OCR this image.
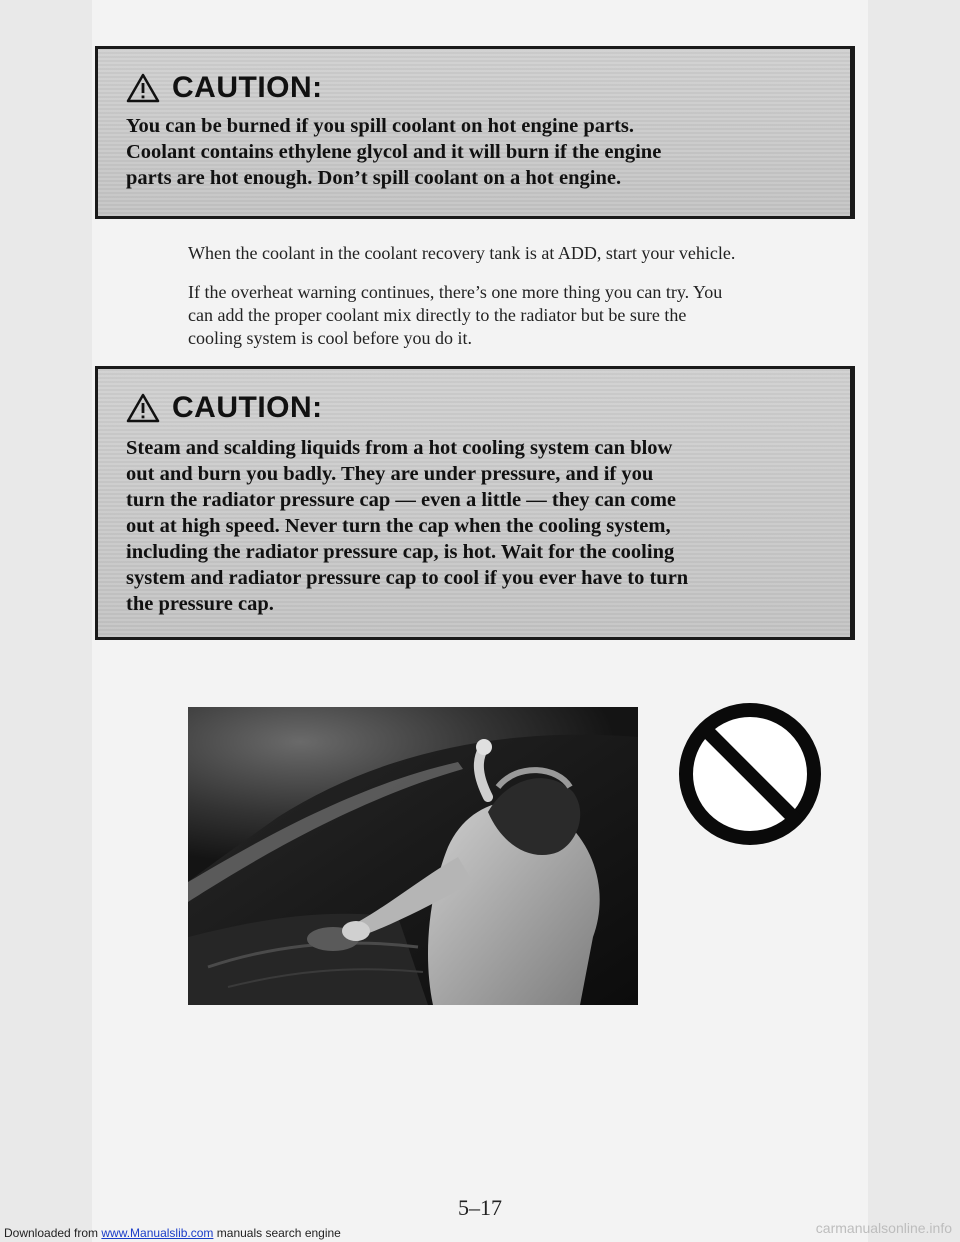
CAUTION:
You can be burned if you spill coolant on hot engine parts.
Coolant contains ethylene glycol and it will burn if the engine
parts are hot enough. Don’t spill coolant on a hot engine.

When the coolant in the coolant recovery tank is at ADD, start your vehicle.

If the overheat warning continues, there’s one more thing you can try. You
can add the proper coolant mix directly to the radiator but be sure the
cooling system is cool before you do it.
CAUTION:
Steam and scalding liquids from a hot cooling system can blow
out and burn you badly. They are under pressure, and if you
turn the radiator pressure cap — even a little — they can come
out at high speed. Never turn the cap when the cooling system,
including the radiator pressure cap, is hot. Wait for the cooling
system and radiator pressure cap to cool if you ever have to turn
the pressure cap.
5–17
Downloaded from www.Manualslib.com manuals search engine	carmanualsonline.info
